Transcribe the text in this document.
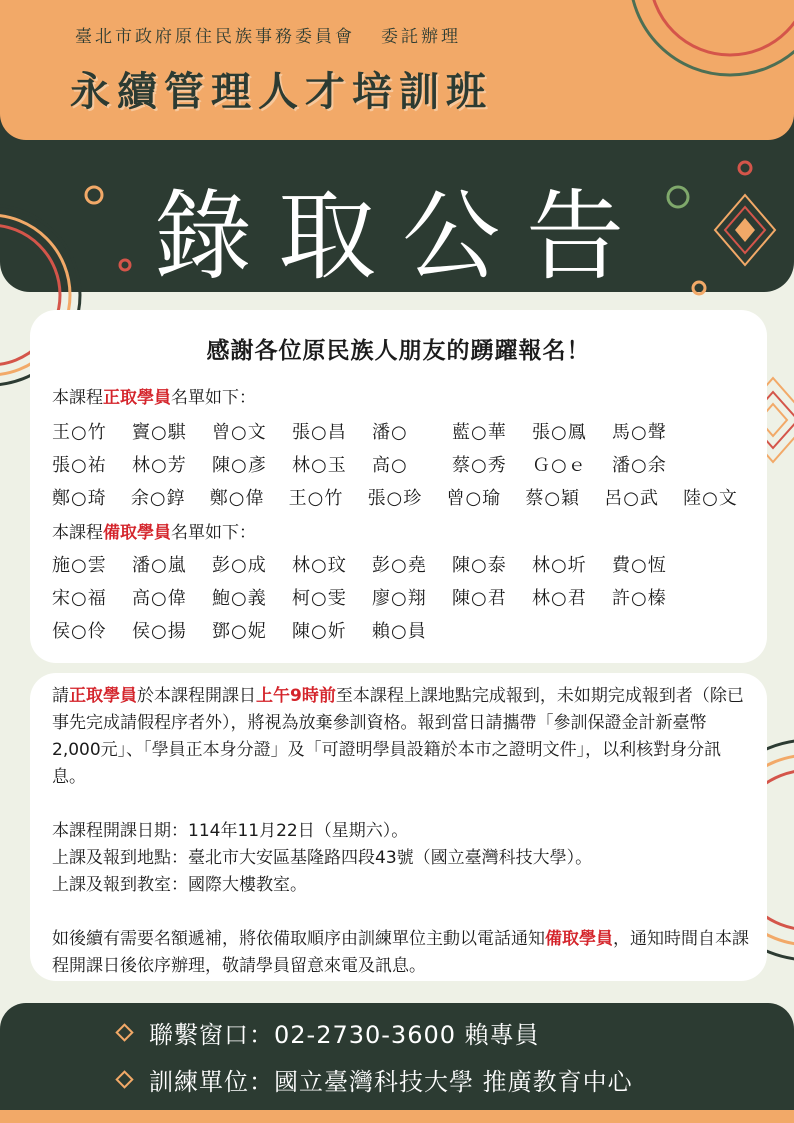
臺北市政府原住民族事務委員會 委託辦理
永續管理人才培訓班
錄取公告
感謝各位原民族人朋友的踴躍報名！
本課程正取學員名單如下：
王○竹	竇○騏	曾○文	張○昌	潘○	藍○華	張○鳳	馬○聲
張○祐	林○芳	陳○彥	林○玉	高○	蔡○秀	Ｇ○ｅ	潘○余
鄭○琦	余○錞	鄭○偉	王○竹	張○珍	曾○瑜	蔡○穎	呂○武	陸○文
本課程備取學員名單如下：
施○雲	潘○嵐	彭○成	林○玟	彭○堯	陳○泰	林○圻	費○恆
宋○福	高○偉	鮑○義	柯○雯	廖○翔	陳○君	林○君	許○榛
侯○伶	侯○揚	鄧○妮	陳○妡	賴○員
請正取學員於本課程開課日上午9時前至本課程上課地點完成報到，未如期完成報到者（除已事先完成請假程序者外），將視為放棄參訓資格。報到當日請攜帶「參訓保證金計新臺幣2,000元」、「學員正本身分證」及「可證明學員設籍於本市之證明文件」，以利核對身分訊息。
本課程開課日期：114年11月22日（星期六）。
上課及報到地點：臺北市大安區基隆路四段43號（國立臺灣科技大學）。
上課及報到教室：國際大樓教室。
如後續有需要名額遞補，將依備取順序由訓練單位主動以電話通知備取學員，通知時間自本課程開課日後依序辦理，敬請學員留意來電及訊息。
聯繫窗口：02-2730-3600 賴專員
訓練單位：國立臺灣科技大學 推廣教育中心
